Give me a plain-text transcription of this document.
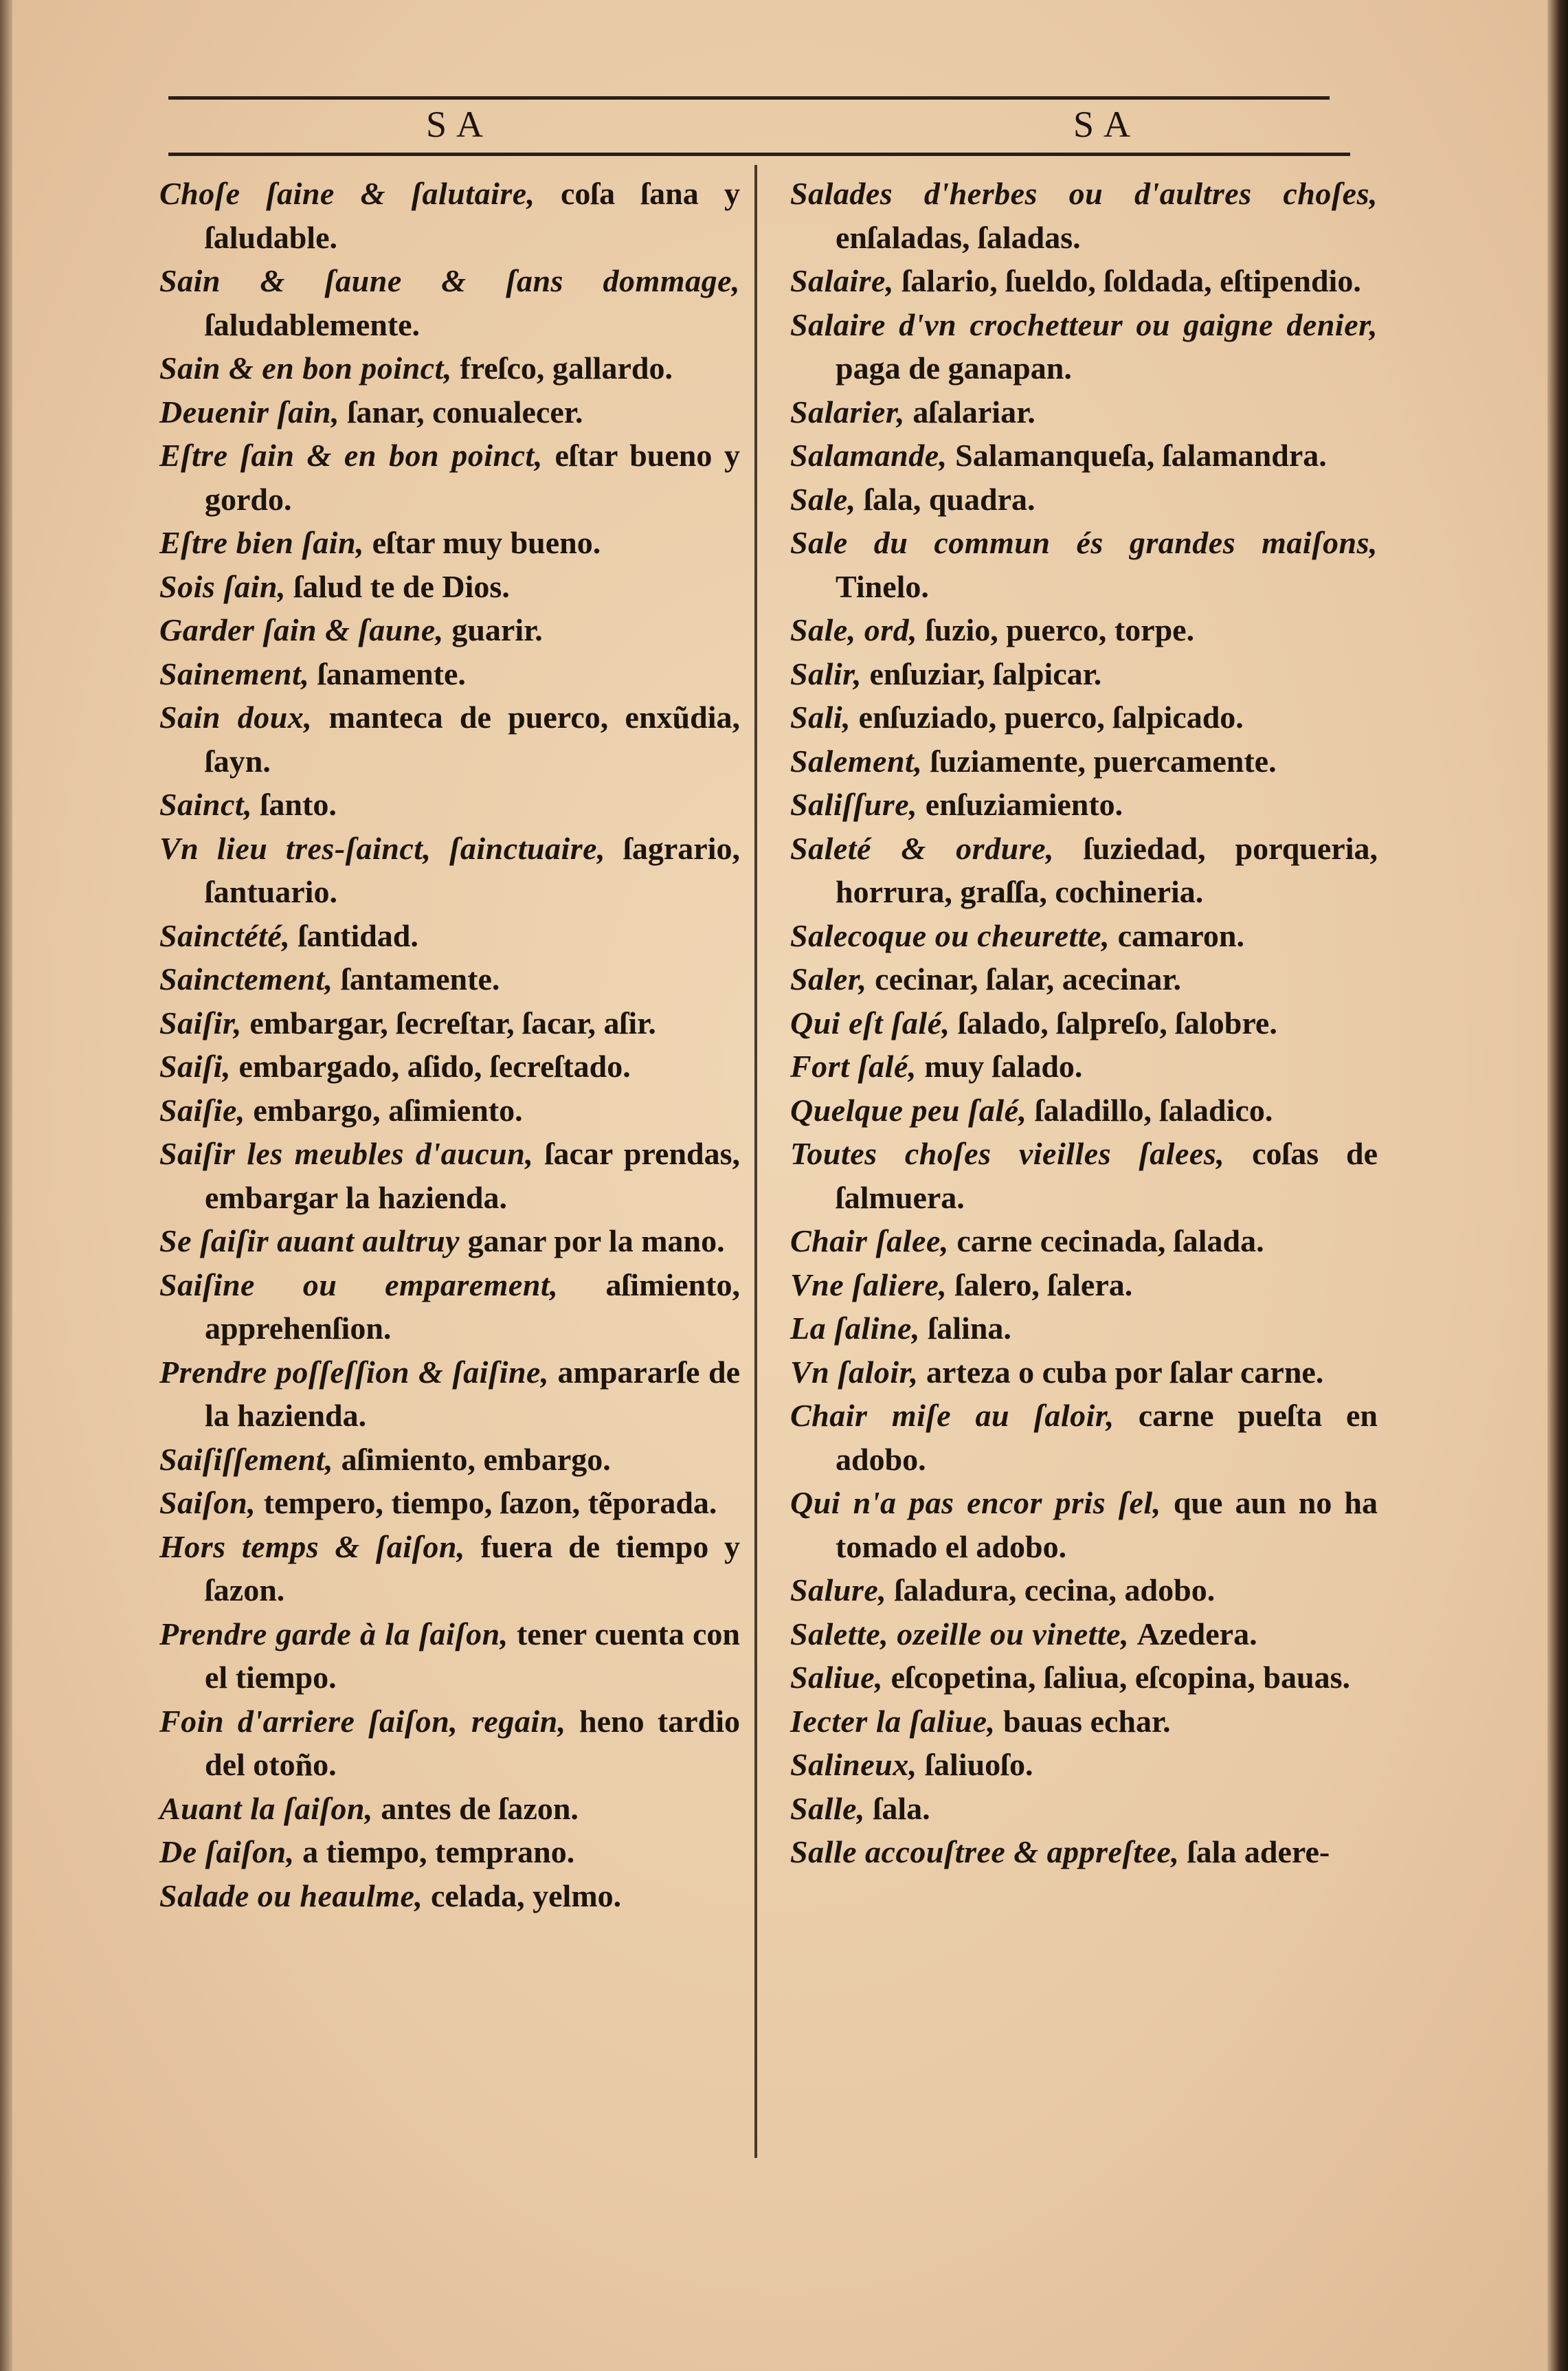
SA	SA

Choſe ſaine & ſalutaire, coſa ſana y ſaludable.

Sain & ſaune & ſans dommage, ſaludablemente.

Sain & en bon poinct, freſco, gallardo.

Deuenir ſain, ſanar, conualecer.

Eſtre ſain & en bon poinct, eſtar bueno y gordo.

Eſtre bien ſain, eſtar muy bueno.

Sois ſain, ſalud te de Dios.

Garder ſain & ſaune, guarir.

Sainement, ſanamente.

Sain doux, manteca de puerco, enxũdia, ſayn.

Sainct, ſanto.

Vn lieu tres-ſainct, ſainctuaire, ſagrario, ſantuario.

Sainctété, ſantidad.

Sainctement, ſantamente.

Saiſir, embargar, ſecreſtar, ſacar, aſir.

Saiſi, embargado, aſido, ſecreſtado.

Saiſie, embargo, aſimiento.

Saiſir les meubles d'aucun, ſacar prendas, embargar la hazienda.

Se ſaiſir auant aultruy ganar por la mano.

Saiſine ou emparement, aſimiento, apprehenſion.

Prendre poſſeſſion & ſaiſine, ampararſe de la hazienda.

Saiſiſſement, aſimiento, embargo.

Saiſon, tempero, tiempo, ſazon, tẽporada.

Hors temps & ſaiſon, fuera de tiempo y ſazon.

Prendre garde à la ſaiſon, tener cuenta con el tiempo.

Foin d'arriere ſaiſon, regain, heno tardio del otoño.

Auant la ſaiſon, antes de ſazon.

De ſaiſon, a tiempo, temprano.

Salade ou heaulme, celada, yelmo.

Salades d'herbes ou d'aultres choſes, enſaladas, ſaladas.

Salaire, ſalario, ſueldo, ſoldada, eſtipendio.

Salaire d'vn crochetteur ou gaigne denier, paga de ganapan.

Salarier, aſalariar.

Salamande, Salamanqueſa, ſalamandra.

Sale, ſala, quadra.

Sale du commun és grandes maiſons, Tinelo.

Sale, ord, ſuzio, puerco, torpe.

Salir, enſuziar, ſalpicar.

Sali, enſuziado, puerco, ſalpicado.

Salement, ſuziamente, puercamente.

Saliſſure, enſuziamiento.

Saleté & ordure, ſuziedad, porqueria, horrura, graſſa, cochineria.

Salecoque ou cheurette, camaron.

Saler, cecinar, ſalar, acecinar.

Qui eſt ſalé, ſalado, ſalpreſo, ſalobre.

Fort ſalé, muy ſalado.

Quelque peu ſalé, ſaladillo, ſaladico.

Toutes choſes vieilles ſalees, coſas de ſalmuera.

Chair ſalee, carne cecinada, ſalada.

Vne ſaliere, ſalero, ſalera.

La ſaline, ſalina.

Vn ſaloir, arteza o cuba por ſalar carne.

Chair miſe au ſaloir, carne pueſta en adobo.

Qui n'a pas encor pris ſel, que aun no ha tomado el adobo.

Salure, ſaladura, cecina, adobo.

Salette, ozeille ou vinette, Azedera.

Saliue, eſcopetina, ſaliua, eſcopina, bauas.

Iecter la ſaliue, bauas echar.

Salineux, ſaliuoſo.

Salle, ſala.

Salle accouſtree & appreſtee, ſala adere-
